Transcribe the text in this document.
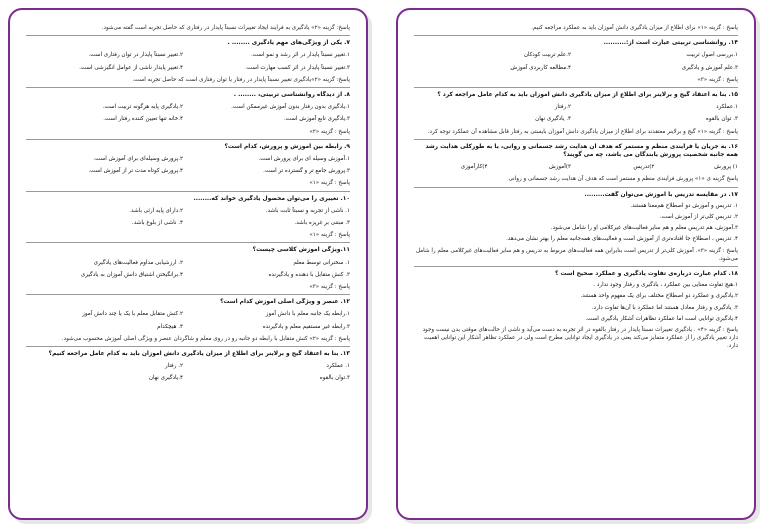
پاسخ: گزینه «۲» یادگیری به فرایند ایجاد تغییرات نسبتاً پایدار در رفتاری که حاصل تجربه است گفته می‌شود.
۷. یکی از ویژگی‌های مهم یادگیری ........ .
۱.تغییر نسبتاً پایدار در اثر رشد و نمو است.
۲.تغییر نسبتاً پایدار در توان رفتاری است.
۳.تغییر نسبتاً پایدار در اثر کسب مهارت است.
۴.تغییر پایدار ناشی از عوامل انگیزشی است.
پاسخ: گزینه «۲»یادگیری تغییر نسبتاً پایدار در رفتار یا توان رفتاری است که حاصل تجربه است.
۸. از دیدگاه روانشناسی تربیتی، ........ .
۱.یادگیری بدون رفتار بدون آموزش غیرممکن است.
۲.یادگیری پایه هرگونه تربیت است.
۳.یادگیری تابع آموزش است.
۴.خانه تنها تعیین کننده رفتار است.
پاسخ : گزینه «۲»
۹. رابطه بین آموزش و پرورش، کدام است؟
۱.آموزش وسیله ای برای پرورش است.
۲.پرورش وسیله‌ای برای آموزش است.
۳.پرورش جامع تر و گسترده تر است.
۴.پرورش کوتاه مدت تر از آموزش است.
پاسخ : گزینه «۱»
۱۰. تغییری را می‌توان محصول یادگیری خواند که........
۱. ناشی از تجربه و نسبتاً ثابت باشد.
۲.دارای پایه ارثی باشد.
۳. مبتنی بر غریزه باشد.
۴. ناشی از بلوغ باشد.
پاسخ : گزینه «۱»
۱۱.ویژگی آموزش کلاسی چیست؟
۱. سخنرانی توسط معلم
۲. ارزشیابی مداوم فعالیت‌های یادگیری
۳. کنش متقابل با دهنده و یادگیرنده
۴.برانگیختن اشتیاق دانش آموزان به یادگیری
پاسخ : گزینه «۳»
۱۲. عنصر و ویژگی اصلی آموزش کدام است؟
۱.رابطه یک جانبه معلم با دانش آموز
۲.کنش متقابل معلم با یک یا چند دانش آموز
۳.رابطه غیر مستقیم معلم و یادگیرنده
۴. هیچکدام
پاسخ : گزینه «۲» کنش متقابل با رابطه دو جانبه رو در روی معلم و شاگردان عنصر و ویژگی اصلی آموزش محسوب می‌شود.
۱۳. بنا به اعتقاد گیج و برلاینر برای اطلاع از میزان یادگیری دانش آموزان باید به کدام عامل مراجعه کنیم؟
۱. عملکرد
۲. رفتار
۳.توان بالقوه
۴.یادگیری نهان
پاسخ : گزینه «۱» برای اطلاع از میزان یادگیری دانش آموزان باید به عملکرد مراجعه کنیم.
۱۴. روانشناسی تربیتی عبارت است از:..........
۱.بررسی اصول تربیت
۲.علم تربیت کودکان
۳.علم آموزش و یادگیری
۴.مطالعه کاربردی آموزش
پاسخ : گزینه «۳»
۱۵. بنا به اعتقاد گیج و برلاینر برای اطلاع از میزان یادگیری دانش آموزان باید به کدام عامل مراجعه کرد ؟
۱.عملکرد
۲.رفتار
۳. توان بالقوه
۴. یادگیری نهان
پاسخ : گزینه «۱» گیج و برلاینر معتقدند برای اطلاع از میزان یادگیری دانش آموزان بایستی به رفتار قابل مشاهده آن عملکرد توجه کرد.
۱۶. به جریان یا فرایندی منظم و مستمر که هدف آن هدایت رشد جسمانی و روانی، یا به طورکلی هدایت رشد همه جانبه شخصیت پرورش یابندگان می باشد، چه می گویند؟
۱) پرورش
۲)تدریس
۳)آموزش
۴)کارآموزی
پاسخ گزینه ی «۱» پرورش فرایندی منظم و مستمر است که هدف آن هدایت رشد جسمانی و روانی
۱۷. در مقایسه تدریس با آموزش می‌توان گفت.........
۱. تدریس و آموزش دو اصطلاح هم‌معنا هستند.
۲. تدریس کلی‌تر از آموزش است.
۳.آموزش، هم تدریس معلم و هم سایر فعالیت‌های غیرکلامی او را شامل می‌شود.
۴. تدریس ، اصطلاح جا افتاده‌تری از آموزش است و فعالیت‌های همه‌جانبه معلم را بهتر نشان می‌دهد.
پاسخ : گزینه «۳». آموزش کلی‌تر از تدریس است بنابراین همه فعالیت‌های مربوط به تدریس و هم سایر فعالیت‌های غیرکلامی معلم را شامل می‌شود.
۱۸. کدام عبارت درباره‌ی تفاوت یادگیری و عملکرد صحیح است ؟
۱.هیچ تفاوت معنایی بین عملکرد ، یادگیری و رفتار وجود ندارد .
۲.یادگیری و عملکرد دو اصطلاح مختلف برای یک مفهوم واحد هستند.
۳. یادگیری و رفتار معادل هستند اما عملکرد با آن‌ها تفاوت دارد.
۴.یادگیری توانایی است اما عملکرد تظاهرات آشکار یادگیری است.
پاسخ : گزینه «۴» . یادگیری تغییرات نسبتاً پایدار در رفتار بالقوه در اثر تجربه به دست می‌آید و ناشی از حالت‌های موقتی بدن نیست وجود دارد تغییر یادگیری را از عملکرد متمایز می‌کند یعنی در یادگیری ایجاد توانایی مطرح است ولی در عملکرد تظاهر آشکار این توانایی اهمیت دارد.
